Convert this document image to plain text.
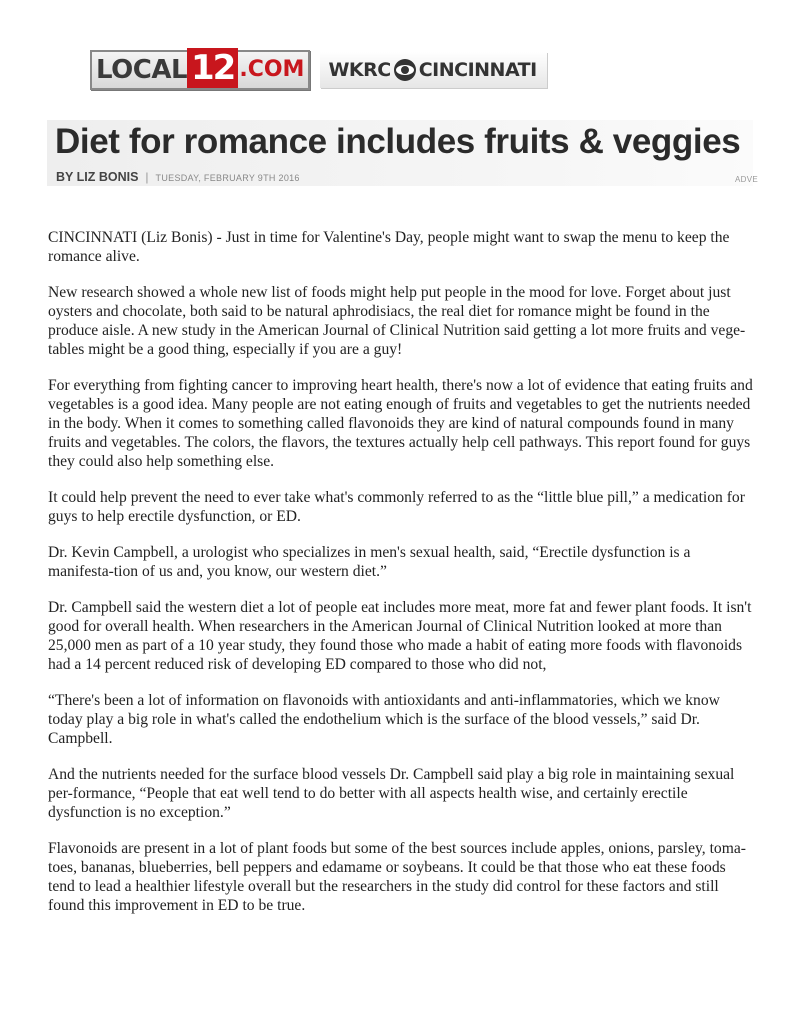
LOCAL 12 .COM WKRC CINCINNATI
Diet for romance includes fruits & veggies
BY LIZ BONIS | TUESDAY, FEBRUARY 9TH 2016	ADVE

CINCINNATI (Liz Bonis) - Just in time for Valentine's Day, people might want to swap the menu to keep the romance alive.

New research showed a whole new list of foods might help put people in the mood for love. Forget about just oysters and chocolate, both said to be natural aphrodisiacs, the real diet for romance might be found in the produce aisle. A new study in the American Journal of Clinical Nutrition said getting a lot more fruits and vege-tables might be a good thing, especially if you are a guy!

For everything from fighting cancer to improving heart health, there's now a lot of evidence that eating fruits and vegetables is a good idea. Many people are not eating enough of fruits and vegetables to get the nutrients needed in the body. When it comes to something called flavonoids they are kind of natural compounds found in many fruits and vegetables. The colors, the flavors, the textures actually help cell pathways. This report found for guys they could also help something else.

It could help prevent the need to ever take what's commonly referred to as the “little blue pill,” a medication for guys to help erectile dysfunction, or ED.

Dr. Kevin Campbell, a urologist who specializes in men's sexual health, said, “Erectile dysfunction is a manifesta-tion of us and, you know, our western diet.”

Dr. Campbell said the western diet a lot of people eat includes more meat, more fat and fewer plant foods. It isn't good for overall health. When researchers in the American Journal of Clinical Nutrition looked at more than 25,000 men as part of a 10 year study, they found those who made a habit of eating more foods with flavonoids had a 14 percent reduced risk of developing ED compared to those who did not,

“There's been a lot of information on flavonoids with antioxidants and anti-inflammatories, which we know today play a big role in what's called the endothelium which is the surface of the blood vessels,” said Dr. Campbell.

And the nutrients needed for the surface blood vessels Dr. Campbell said play a big role in maintaining sexual per-formance, “People that eat well tend to do better with all aspects health wise, and certainly erectile dysfunction is no exception.”

Flavonoids are present in a lot of plant foods but some of the best sources include apples, onions, parsley, toma-toes, bananas, blueberries, bell peppers and edamame or soybeans. It could be that those who eat these foods tend to lead a healthier lifestyle overall but the researchers in the study did control for these factors and still found this improvement in ED to be true.
